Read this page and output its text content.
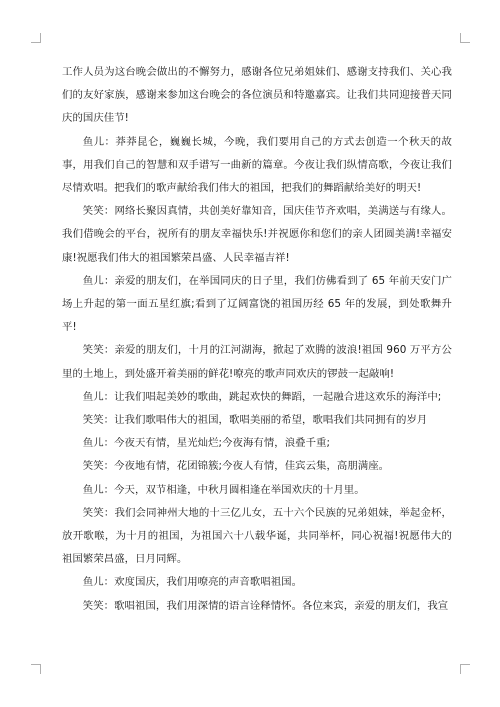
工作人员为这台晚会做出的不懈努力，感谢各位兄弟姐妹们、感谢支持我们、关心我们的友好家族，感谢来参加这台晚会的各位演员和特邀嘉宾。让我们共同迎接普天同庆的国庆佳节!

鱼儿：莽莽昆仑，巍巍长城，今晚，我们要用自己的方式去创造一个秋天的故事，用我们自己的智慧和双手谱写一曲新的篇章。今夜让我们纵情高歌，今夜让我们尽情欢唱。把我们的歌声献给我们伟大的祖国，把我们的舞蹈献给美好的明天!

笑笑：网络长聚因真情，共创美好靠知音，国庆佳节齐欢唱，美满送与有缘人。我们借晚会的平台，祝所有的朋友幸福快乐!并祝愿你和您们的亲人团圆美满!幸福安康!祝愿我们伟大的祖国繁荣昌盛、人民幸福吉祥!

鱼儿：亲爱的朋友们，在举国同庆的日子里，我们仿佛看到了 65 年前天安门广场上升起的第一面五星红旗;看到了辽阔富饶的祖国历经 65 年的发展，到处歌舞升平!

笑笑：亲爱的朋友们，十月的江河湖海，掀起了欢腾的波浪!祖国 960 万平方公里的土地上，到处盛开着美丽的鲜花!嘹亮的歌声同欢庆的锣鼓一起敲响!

鱼儿：让我们唱起美妙的歌曲，跳起欢快的舞蹈，一起融合进这欢乐的海洋中;

笑笑：让我们歌唱伟大的祖国，歌唱美丽的希望，歌唱我们共同拥有的岁月

鱼儿：今夜天有情，星光灿烂;今夜海有情，浪叠千重;

笑笑：今夜地有情，花团锦簇;今夜人有情，佳宾云集，高朋满座。

鱼儿：今天，双节相逢，中秋月圆相逢在举国欢庆的十月里。

笑笑：我们会同神州大地的十三亿儿女，五十六个民族的兄弟姐妹，举起金杯，放开歌喉，为十月的祖国，为祖国六十八载华诞，共同举杯，同心祝福!祝愿伟大的祖国繁荣昌盛，日月同辉。

鱼儿：欢度国庆，我们用嘹亮的声音歌唱祖国。

笑笑：歌唱祖国，我们用深情的语言诠释情怀。各位来宾，亲爱的朋友们，我宣
